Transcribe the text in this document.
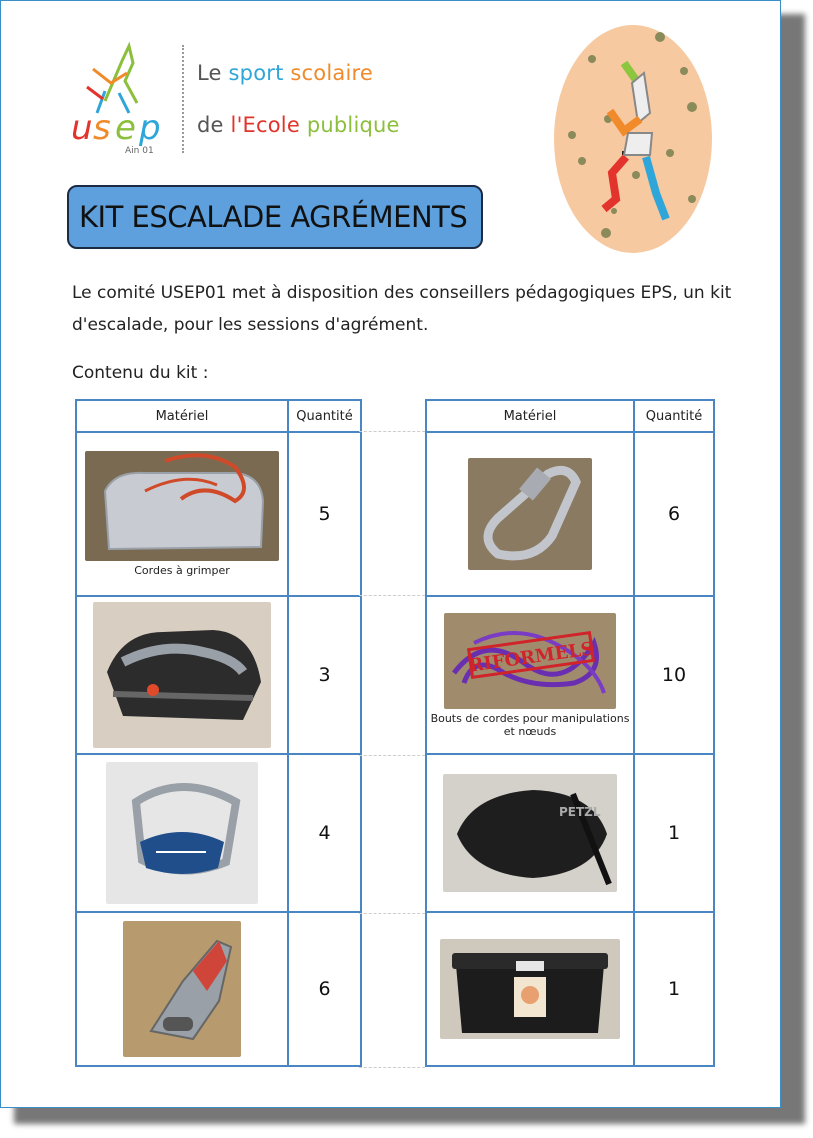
u s e p
Ain 01
Le sport scolaire
de l'Ecole publique
KIT ESCALADE AGRÉMENTS
Le comité USEP01 met à disposition des conseillers pédagogiques EPS, un kit d'escalade, pour les sessions d'agrément.
Contenu du kit :
Matériel	Quantité

Cordes à grimper	5

	3

	4

	6
Matériel	Quantité

	6

RIFORMELS
Bouts de cordes pour manipulations et nœuds	10

PETZL	1

	1
